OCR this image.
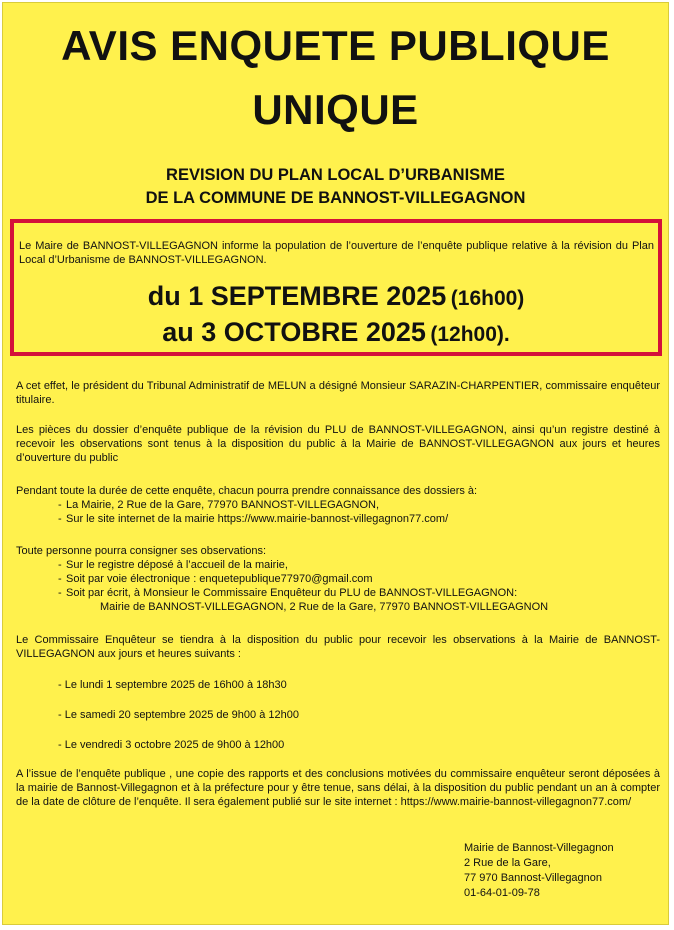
AVIS ENQUETE PUBLIQUE
UNIQUE
REVISION DU PLAN LOCAL D’URBANISME
DE LA COMMUNE DE BANNOST-VILLEGAGNON

Le Maire de BANNOST-VILLEGAGNON informe la population de l’ouverture de l’enquête publique relative à la révision du Plan Local d’Urbanisme de BANNOST-VILLEGAGNON.

du 1 SEPTEMBRE 2025 (16h00)

au 3 OCTOBRE 2025 (12h00).

A cet effet, le président du Tribunal Administratif de MELUN a désigné Monsieur SARAZIN-CHARPENTIER, commissaire enquêteur titulaire.

Les pièces du dossier d’enquête publique de la révision du PLU de BANNOST-VILLEGAGNON, ainsi qu’un registre destiné à recevoir les observations sont tenus à la disposition du public à la Mairie de BANNOST-VILLEGAGNON aux jours et heures d’ouverture du public

Pendant toute la durée de cette enquête, chacun pourra prendre connaissance des dossiers à:
- La Mairie, 2 Rue de la Gare, 77970 BANNOST-VILLEGAGNON,
- Sur le site internet de la mairie https://www.mairie-bannost-villegagnon77.com/
Toute personne pourra consigner ses observations:
- Sur le registre déposé à l’accueil de la mairie,
- Soit par voie électronique : enquetepublique77970@gmail.com
- Soit par écrit, à Monsieur le Commissaire Enquêteur du PLU de BANNOST-VILLEGAGNON:
Mairie de BANNOST-VILLEGAGNON, 2 Rue de la Gare, 77970 BANNOST-VILLEGAGNON

Le Commissaire Enquêteur se tiendra à la disposition du public pour recevoir les observations à la Mairie de BANNOST-VILLEGAGNON aux jours et heures suivants :

- Le lundi 1 septembre 2025 de 16h00 à 18h30

- Le samedi 20 septembre 2025 de 9h00 à 12h00

- Le vendredi 3 octobre 2025 de 9h00 à 12h00

A l’issue de l’enquête publique , une copie des rapports et des conclusions motivées du commissaire enquêteur seront déposées à la mairie de Bannost-Villegagnon et à la préfecture pour y être tenue, sans délai, à la disposition du public pendant un an à compter de la date de clôture de l’enquête. Il sera également publié sur le site internet : https://www.mairie-bannost-villegagnon77.com/

Mairie de Bannost-Villegagnon
2 Rue de la Gare,
77 970 Bannost-Villegagnon
01-64-01-09-78
